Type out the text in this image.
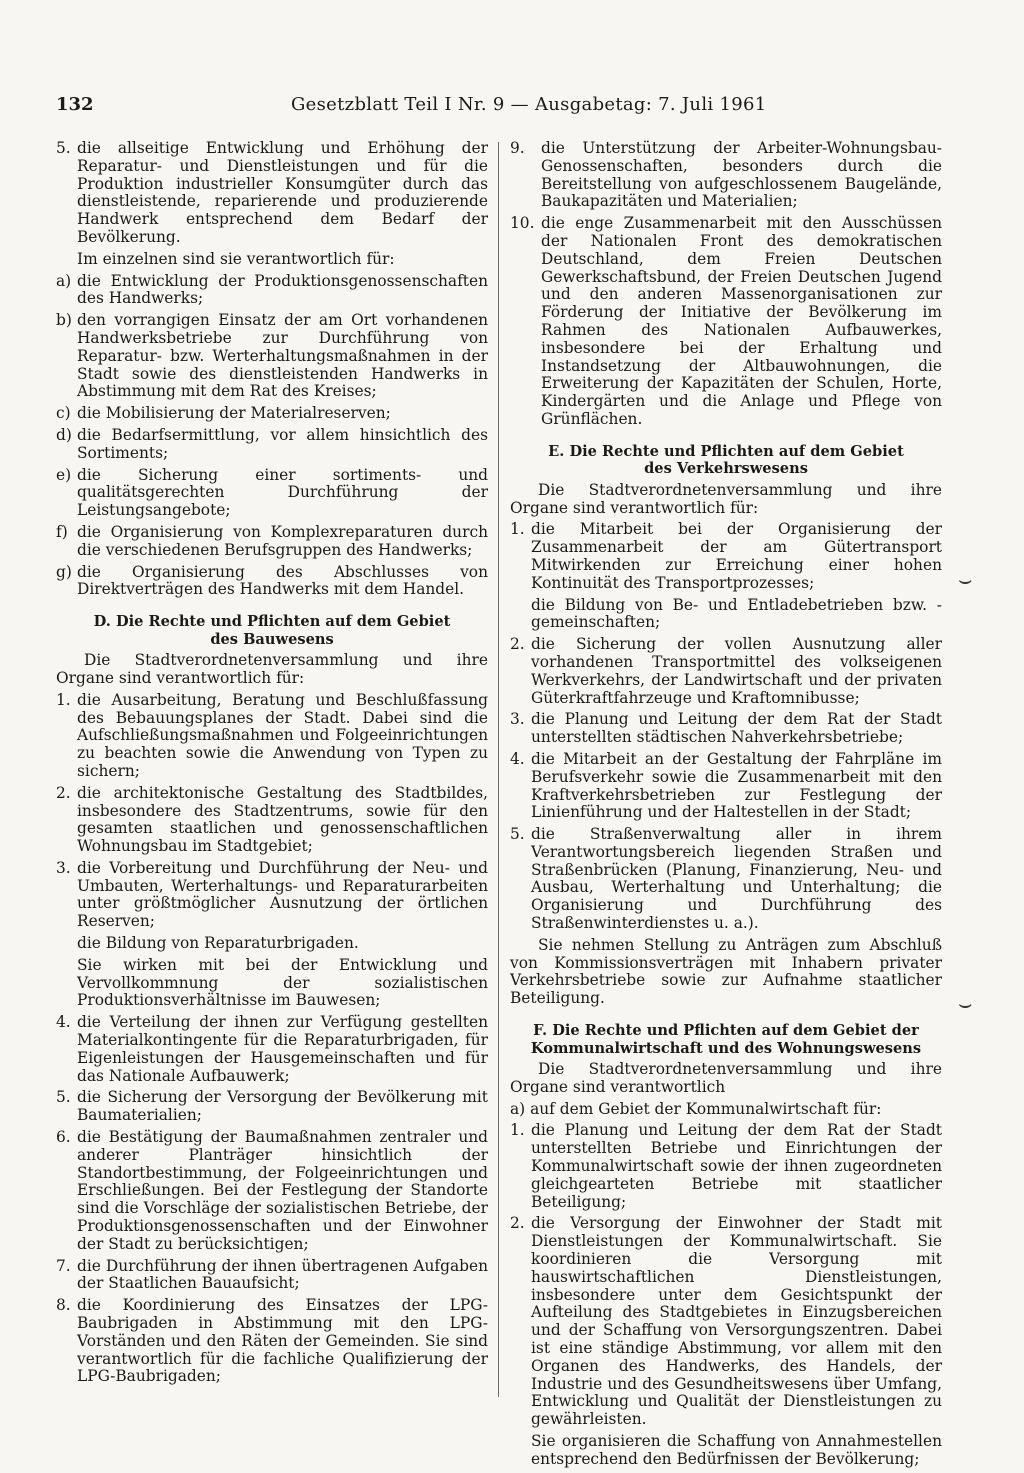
132	Gesetzblatt Teil I Nr. 9 — Ausgabetag: 7. Juli 1961
5. die allseitige Entwicklung und Erhöhung der Reparatur- und Dienstleistungen und für die Produktion industrieller Konsumgüter durch das dienstleistende, reparierende und produzierende Handwerk entsprechend dem Bedarf der Bevölkerung.

Im einzelnen sind sie verantwortlich für:

a) die Entwicklung der Produktionsgenossenschaften des Handwerks;
b) den vorrangigen Einsatz der am Ort vorhandenen Handwerksbetriebe zur Durchführung von Reparatur- bzw. Werterhaltungsmaßnahmen in der Stadt sowie des dienstleistenden Handwerks in Abstimmung mit dem Rat des Kreises;
c) die Mobilisierung der Materialreserven;
d) die Bedarfsermittlung, vor allem hinsichtlich des Sortiments;
e) die Sicherung einer sortiments- und qualitätsgerechten Durchführung der Leistungsangebote;
f) die Organisierung von Komplexreparaturen durch die verschiedenen Berufsgruppen des Handwerks;
g) die Organisierung des Abschlusses von Direktverträgen des Handwerks mit dem Handel.
D. Die Rechte und Pflichten auf dem Gebiet
des Bauwesens

Die Stadtverordnetenversammlung und ihre Organe sind verantwortlich für:

1. die Ausarbeitung, Beratung und Beschlußfassung des Bebauungsplanes der Stadt. Dabei sind die Aufschließungsmaßnahmen und Folgeeinrichtungen zu beachten sowie die Anwendung von Typen zu sichern;
2. die architektonische Gestaltung des Stadtbildes, insbesondere des Stadtzentrums, sowie für den gesamten staatlichen und genossenschaftlichen Wohnungsbau im Stadtgebiet;
3. die Vorbereitung und Durchführung der Neu- und Umbauten, Werterhaltungs- und Reparaturarbeiten unter größtmöglicher Ausnutzung der örtlichen Reserven;

die Bildung von Reparaturbrigaden.

Sie wirken mit bei der Entwicklung und Vervollkommnung der sozialistischen Produktionsverhältnisse im Bauwesen;

4. die Verteilung der ihnen zur Verfügung gestellten Materialkontingente für die Reparaturbrigaden, für Eigenleistungen der Hausgemeinschaften und für das Nationale Aufbauwerk;
5. die Sicherung der Versorgung der Bevölkerung mit Baumaterialien;
6. die Bestätigung der Baumaßnahmen zentraler und anderer Planträger hinsichtlich der Standortbestimmung, der Folgeeinrichtungen und Erschließungen. Bei der Festlegung der Standorte sind die Vorschläge der sozialistischen Betriebe, der Produktionsgenossenschaften und der Einwohner der Stadt zu berücksichtigen;
7. die Durchführung der ihnen übertragenen Aufgaben der Staatlichen Bauaufsicht;
8. die Koordinierung des Einsatzes der LPG-Baubrigaden in Abstimmung mit den LPG-Vorständen und den Räten der Gemeinden. Sie sind verantwortlich für die fachliche Qualifizierung der LPG-Baubrigaden;
9. die Unterstützung der Arbeiter-Wohnungsbau-Genossenschaften, besonders durch die Bereitstellung von aufgeschlossenem Baugelände, Baukapazitäten und Materialien;
10. die enge Zusammenarbeit mit den Ausschüssen der Nationalen Front des demokratischen Deutschland, dem Freien Deutschen Gewerkschaftsbund, der Freien Deutschen Jugend und den anderen Massenorganisationen zur Förderung der Initiative der Bevölkerung im Rahmen des Nationalen Aufbauwerkes, insbesondere bei der Erhaltung und Instandsetzung der Altbauwohnungen, die Erweiterung der Kapazitäten der Schulen, Horte, Kindergärten und die Anlage und Pflege von Grünflächen.
E. Die Rechte und Pflichten auf dem Gebiet
des Verkehrswesens

Die Stadtverordnetenversammlung und ihre Organe sind verantwortlich für:

1. die Mitarbeit bei der Organisierung der Zusammenarbeit der am Gütertransport Mitwirkenden zur Erreichung einer hohen Kontinuität des Transportprozesses;

die Bildung von Be- und Entladebetrieben bzw. -gemeinschaften;

2. die Sicherung der vollen Ausnutzung aller vorhandenen Transportmittel des volkseigenen Werkverkehrs, der Landwirtschaft und der privaten Güterkraftfahrzeuge und Kraftomnibusse;
3. die Planung und Leitung der dem Rat der Stadt unterstellten städtischen Nahverkehrsbetriebe;
4. die Mitarbeit an der Gestaltung der Fahrpläne im Berufsverkehr sowie die Zusammenarbeit mit den Kraftverkehrsbetrieben zur Festlegung der Linienführung und der Haltestellen in der Stadt;
5. die Straßenverwaltung aller in ihrem Verantwortungsbereich liegenden Straßen und Straßenbrücken (Planung, Finanzierung, Neu- und Ausbau, Werterhaltung und Unterhaltung; die Organisierung und Durchführung des Straßenwinterdienstes u. a.).

Sie nehmen Stellung zu Anträgen zum Abschluß von Kommissionsverträgen mit Inhabern privater Verkehrsbetriebe sowie zur Aufnahme staatlicher Beteiligung.

F. Die Rechte und Pflichten auf dem Gebiet der
Kommunalwirtschaft und des Wohnungswesens

Die Stadtverordnetenversammlung und ihre Organe sind verantwortlich

a) auf dem Gebiet der Kommunalwirtschaft für:

1. die Planung und Leitung der dem Rat der Stadt unterstellten Betriebe und Einrichtungen der Kommunalwirtschaft sowie der ihnen zugeordneten gleichgearteten Betriebe mit staatlicher Beteiligung;
2. die Versorgung der Einwohner der Stadt mit Dienstleistungen der Kommunalwirtschaft. Sie koordinieren die Versorgung mit hauswirtschaftlichen Dienstleistungen, insbesondere unter dem Gesichtspunkt der Aufteilung des Stadtgebietes in Einzugsbereichen und der Schaffung von Versorgungszentren. Dabei ist eine ständige Abstimmung, vor allem mit den Organen des Handwerks, des Handels, der Industrie und des Gesundheitswesens über Umfang, Entwicklung und Qualität der Dienstleistungen zu gewährleisten.

Sie organisieren die Schaffung von Annahmestellen entsprechend den Bedürfnissen der Bevölkerung;

⌣
⌣
